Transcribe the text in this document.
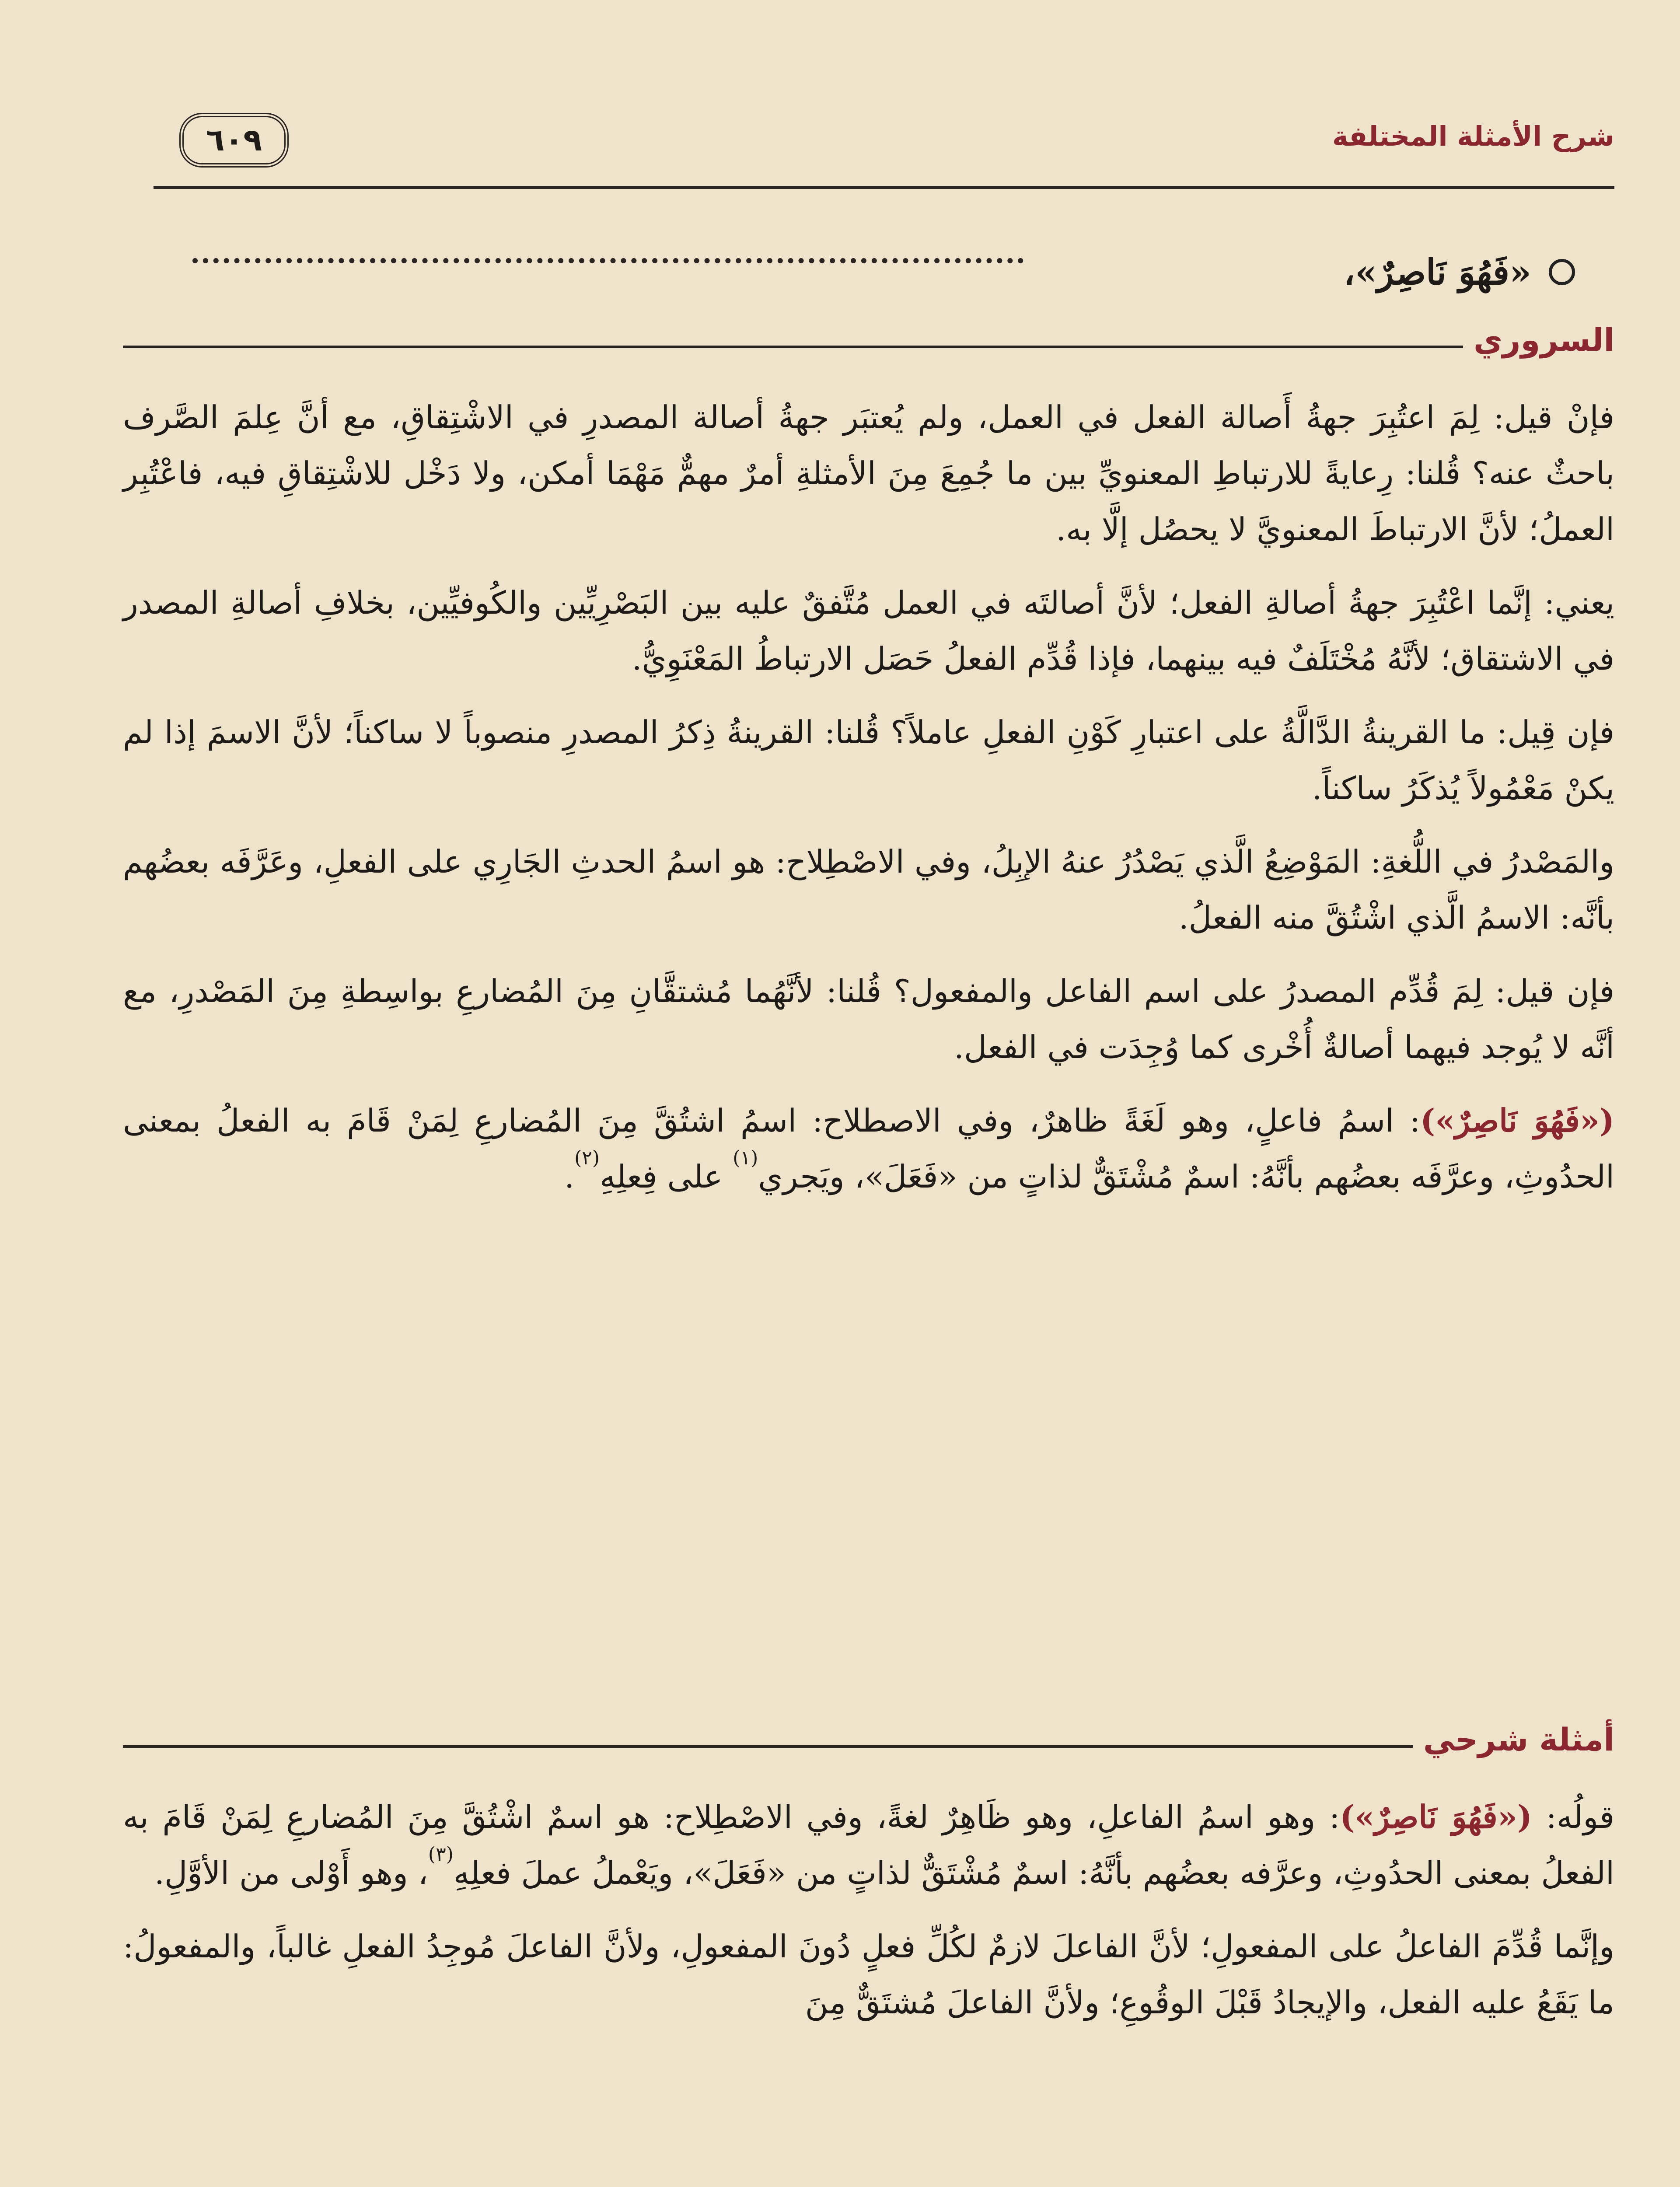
شرح الأمثلة المختلفة
٦٠٩
«فَهُوَ نَاصِرٌ»،
السروري

فإنْ قيل: لِمَ اعتُبِرَ جهةُ أَصالة الفعل في العمل، ولم يُعتبَر جهةُ أصالة المصدرِ في الاشْتِقاقِ، مع أنَّ عِلمَ الصَّرف باحثٌ عنه؟ قُلنا: رِعايةً للارتباطِ المعنويِّ بين ما جُمِعَ مِنَ الأمثلةِ أمرٌ مهمٌّ مَهْمَا أمكن، ولا دَخْل للاشْتِقاقِ فيه، فاعْتُبِر العملُ؛ لأنَّ الارتباطَ المعنويَّ لا يحصُل إلَّا به.

يعني: إنَّما اعْتُبِرَ جهةُ أصالةِ الفعل؛ لأنَّ أصالتَه في العمل مُتَّفقٌ عليه بين البَصْرِيِّين والكُوفيِّين، بخلافِ أصالةِ المصدر في الاشتقاق؛ لأنَّهُ مُخْتَلَفٌ فيه بينهما، فإذا قُدِّم الفعلُ حَصَل الارتباطُ المَعْنَوِيُّ.

فإن قِيل: ما القرينةُ الدَّالَّةُ على اعتبارِ كَوْنِ الفعلِ عاملاً؟ قُلنا: القرينةُ ذِكرُ المصدرِ منصوباً لا ساكناً؛ لأنَّ الاسمَ إذا لم يكنْ مَعْمُولاً يُذكَرُ ساكناً.

والمَصْدرُ في اللُّغةِ: المَوْضِعُ الَّذي يَصْدُرُ عنهُ الإبِلُ، وفي الاصْطِلاح: هو اسمُ الحدثِ الجَارِي على الفعلِ، وعَرَّفَه بعضُهم بأنَّه: الاسمُ الَّذي اشْتُقَّ منه الفعلُ.

فإن قيل: لِمَ قُدِّم المصدرُ على اسم الفاعل والمفعول؟ قُلنا: لأنَّهُما مُشتقَّانِ مِنَ المُضارعِ بواسِطةِ مِنَ المَصْدرِ، مع أنَّه لا يُوجد فيهما أصالةٌ أُخْرى كما وُجِدَت في الفعل.

(«فَهُوَ نَاصِرٌ»): اسمُ فاعلٍ، وهو لَغَةً ظاهرٌ، وفي الاصطلاح: اسمُ اشتُقَّ مِنَ المُضارعِ لِمَنْ قَامَ به الفعلُ بمعنى الحدُوثِ، وعرَّفَه بعضُهم بأنَّهُ: اسمٌ مُشْتَقٌّ لذاتٍ من «فَعَلَ»، ويَجري$^{(١)}$ على فِعلِهِ$^{(٢)}$.

أمثلة شرحي

قولُه: («فَهُوَ نَاصِرٌ»): وهو اسمُ الفاعلِ، وهو ظَاهِرٌ لغةً، وفي الاصْطِلاح: هو اسمٌ اشْتُقَّ مِنَ المُضارعِ لِمَنْ قَامَ به الفعلُ بمعنى الحدُوثِ، وعرَّفه بعضُهم بأنَّهُ: اسمٌ مُشْتَقٌّ لذاتٍ من «فَعَلَ»، ويَعْملُ عملَ فعلِهِ$^{(٣)}$، وهو أَوْلى من الأوَّلِ.

وإنَّما قُدِّمَ الفاعلُ على المفعولِ؛ لأنَّ الفاعلَ لازمٌ لكُلِّ فعلٍ دُونَ المفعولِ، ولأنَّ الفاعلَ مُوجِدُ الفعلِ غالباً، والمفعولُ: ما يَقَعُ عليه الفعل، والإيجادُ قَبْلَ الوقُوعِ؛ ولأنَّ الفاعلَ مُشتَقٌّ مِنَ
